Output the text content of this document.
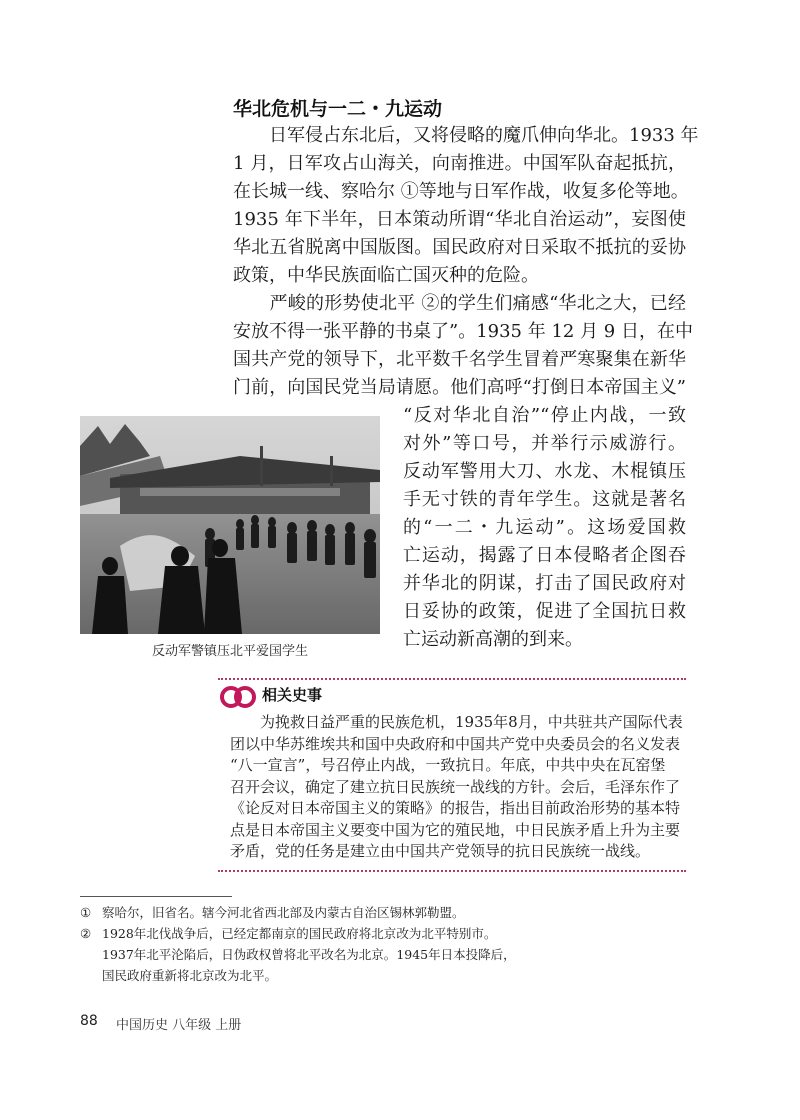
华北危机与一二・九运动
　　日军侵占东北后，又将侵略的魔爪伸向华北。1933 年
1 月，日军攻占山海关，向南推进。中国军队奋起抵抗，
在长城一线、察哈尔 ①等地与日军作战，收复多伦等地。
1935 年下半年，日本策动所谓“华北自治运动”，妄图使
华北五省脱离中国版图。国民政府对日采取不抵抗的妥协
政策，中华民族面临亡国灭种的危险。
　　严峻的形势使北平 ②的学生们痛感“华北之大，已经
安放不得一张平静的书桌了”。1935 年 12 月 9 日，在中
国共产党的领导下，北平数千名学生冒着严寒聚集在新华
门前，向国民党当局请愿。他们高呼“打倒日本帝国主义”
“反对华北自治”“停止内战，一致
对外”等口号，并举行示威游行。
反动军警用大刀、水龙、木棍镇压
手无寸铁的青年学生。这就是著名
的“一二・九运动”。这场爱国救
亡运动，揭露了日本侵略者企图吞
并华北的阴谋，打击了国民政府对
日妥协的政策，促进了全国抗日救
亡运动新高潮的到来。
反动军警镇压北平爱国学生
相关史事
　　为挽救日益严重的民族危机，1935年8月，中共驻共产国际代表
团以中华苏维埃共和国中央政府和中国共产党中央委员会的名义发表
“八一宣言”，号召停止内战，一致抗日。年底，中共中央在瓦窑堡
召开会议，确定了建立抗日民族统一战线的方针。会后，毛泽东作了
《论反对日本帝国主义的策略》的报告，指出目前政治形势的基本特
点是日本帝国主义要变中国为它的殖民地，中日民族矛盾上升为主要
矛盾，党的任务是建立由中国共产党领导的抗日民族统一战线。
① 察哈尔，旧省名。辖今河北省西北部及内蒙古自治区锡林郭勒盟。
② 1928年北伐战争后，已经定都南京的国民政府将北京改为北平特别市。
1937年北平沦陷后，日伪政权曾将北平改名为北京。1945年日本投降后，
国民政府重新将北京改为北平。
88 中国历史 八年级 上册
